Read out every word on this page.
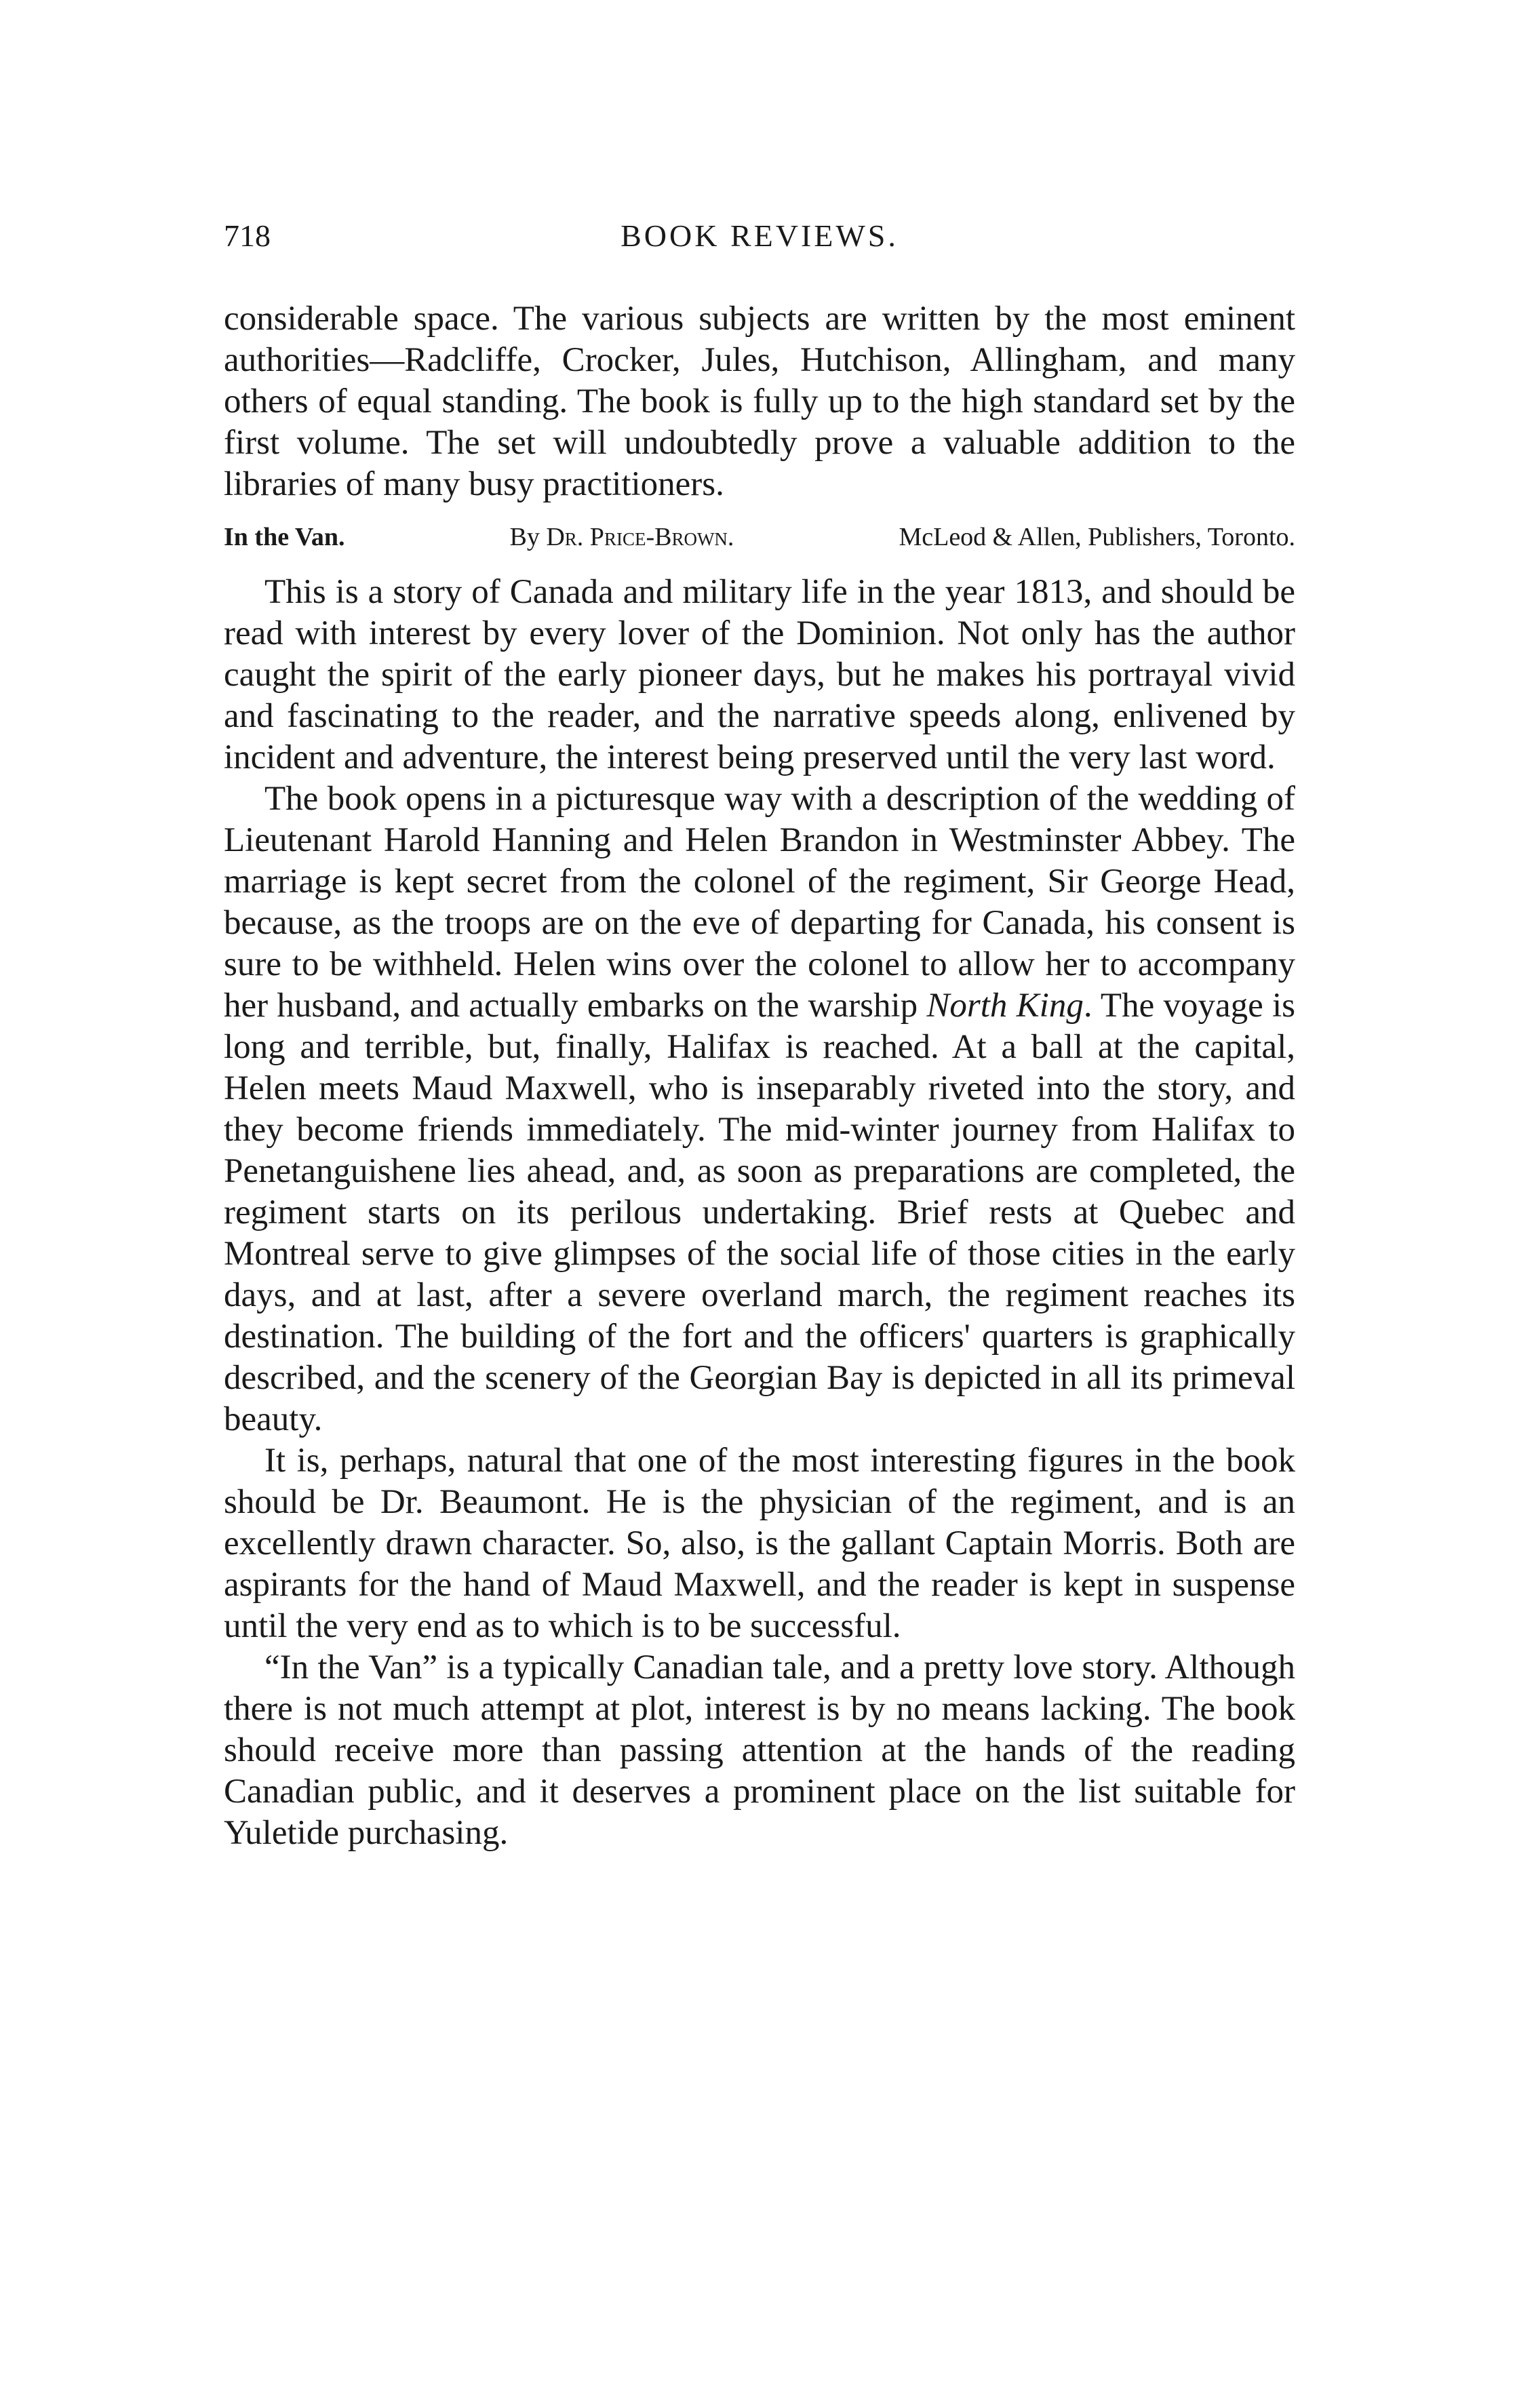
718	BOOK REVIEWS.

considerable space. The various subjects are written by the most eminent authorities—Radcliffe, Crocker, Jules, Hutchison, Allingham, and many others of equal standing. The book is fully up to the high standard set by the first volume. The set will undoubtedly prove a valuable addition to the libraries of many busy practitioners.

In the Van.	By Dr. Price-Brown.	McLeod & Allen, Publishers, Toronto.

This is a story of Canada and military life in the year 1813, and should be read with interest by every lover of the Dominion. Not only has the author caught the spirit of the early pioneer days, but he makes his portrayal vivid and fascinating to the reader, and the narrative speeds along, enlivened by incident and adventure, the interest being preserved until the very last word.

The book opens in a picturesque way with a description of the wedding of Lieutenant Harold Hanning and Helen Brandon in Westminster Abbey. The marriage is kept secret from the colonel of the regiment, Sir George Head, because, as the troops are on the eve of departing for Canada, his consent is sure to be withheld. Helen wins over the colonel to allow her to accompany her husband, and actually embarks on the warship North King. The voyage is long and terrible, but, finally, Halifax is reached. At a ball at the capital, Helen meets Maud Maxwell, who is inseparably riveted into the story, and they become friends immediately. The mid-winter journey from Halifax to Penetanguishene lies ahead, and, as soon as preparations are completed, the regiment starts on its perilous undertaking. Brief rests at Quebec and Montreal serve to give glimpses of the social life of those cities in the early days, and at last, after a severe overland march, the regiment reaches its destination. The building of the fort and the officers' quarters is graphically described, and the scenery of the Georgian Bay is depicted in all its primeval beauty.

It is, perhaps, natural that one of the most interesting figures in the book should be Dr. Beaumont. He is the physician of the regiment, and is an excellently drawn character. So, also, is the gallant Captain Morris. Both are aspirants for the hand of Maud Maxwell, and the reader is kept in suspense until the very end as to which is to be successful.

“In the Van” is a typically Canadian tale, and a pretty love story. Although there is not much attempt at plot, interest is by no means lacking. The book should receive more than passing attention at the hands of the reading Canadian public, and it deserves a prominent place on the list suitable for Yuletide purchasing.
